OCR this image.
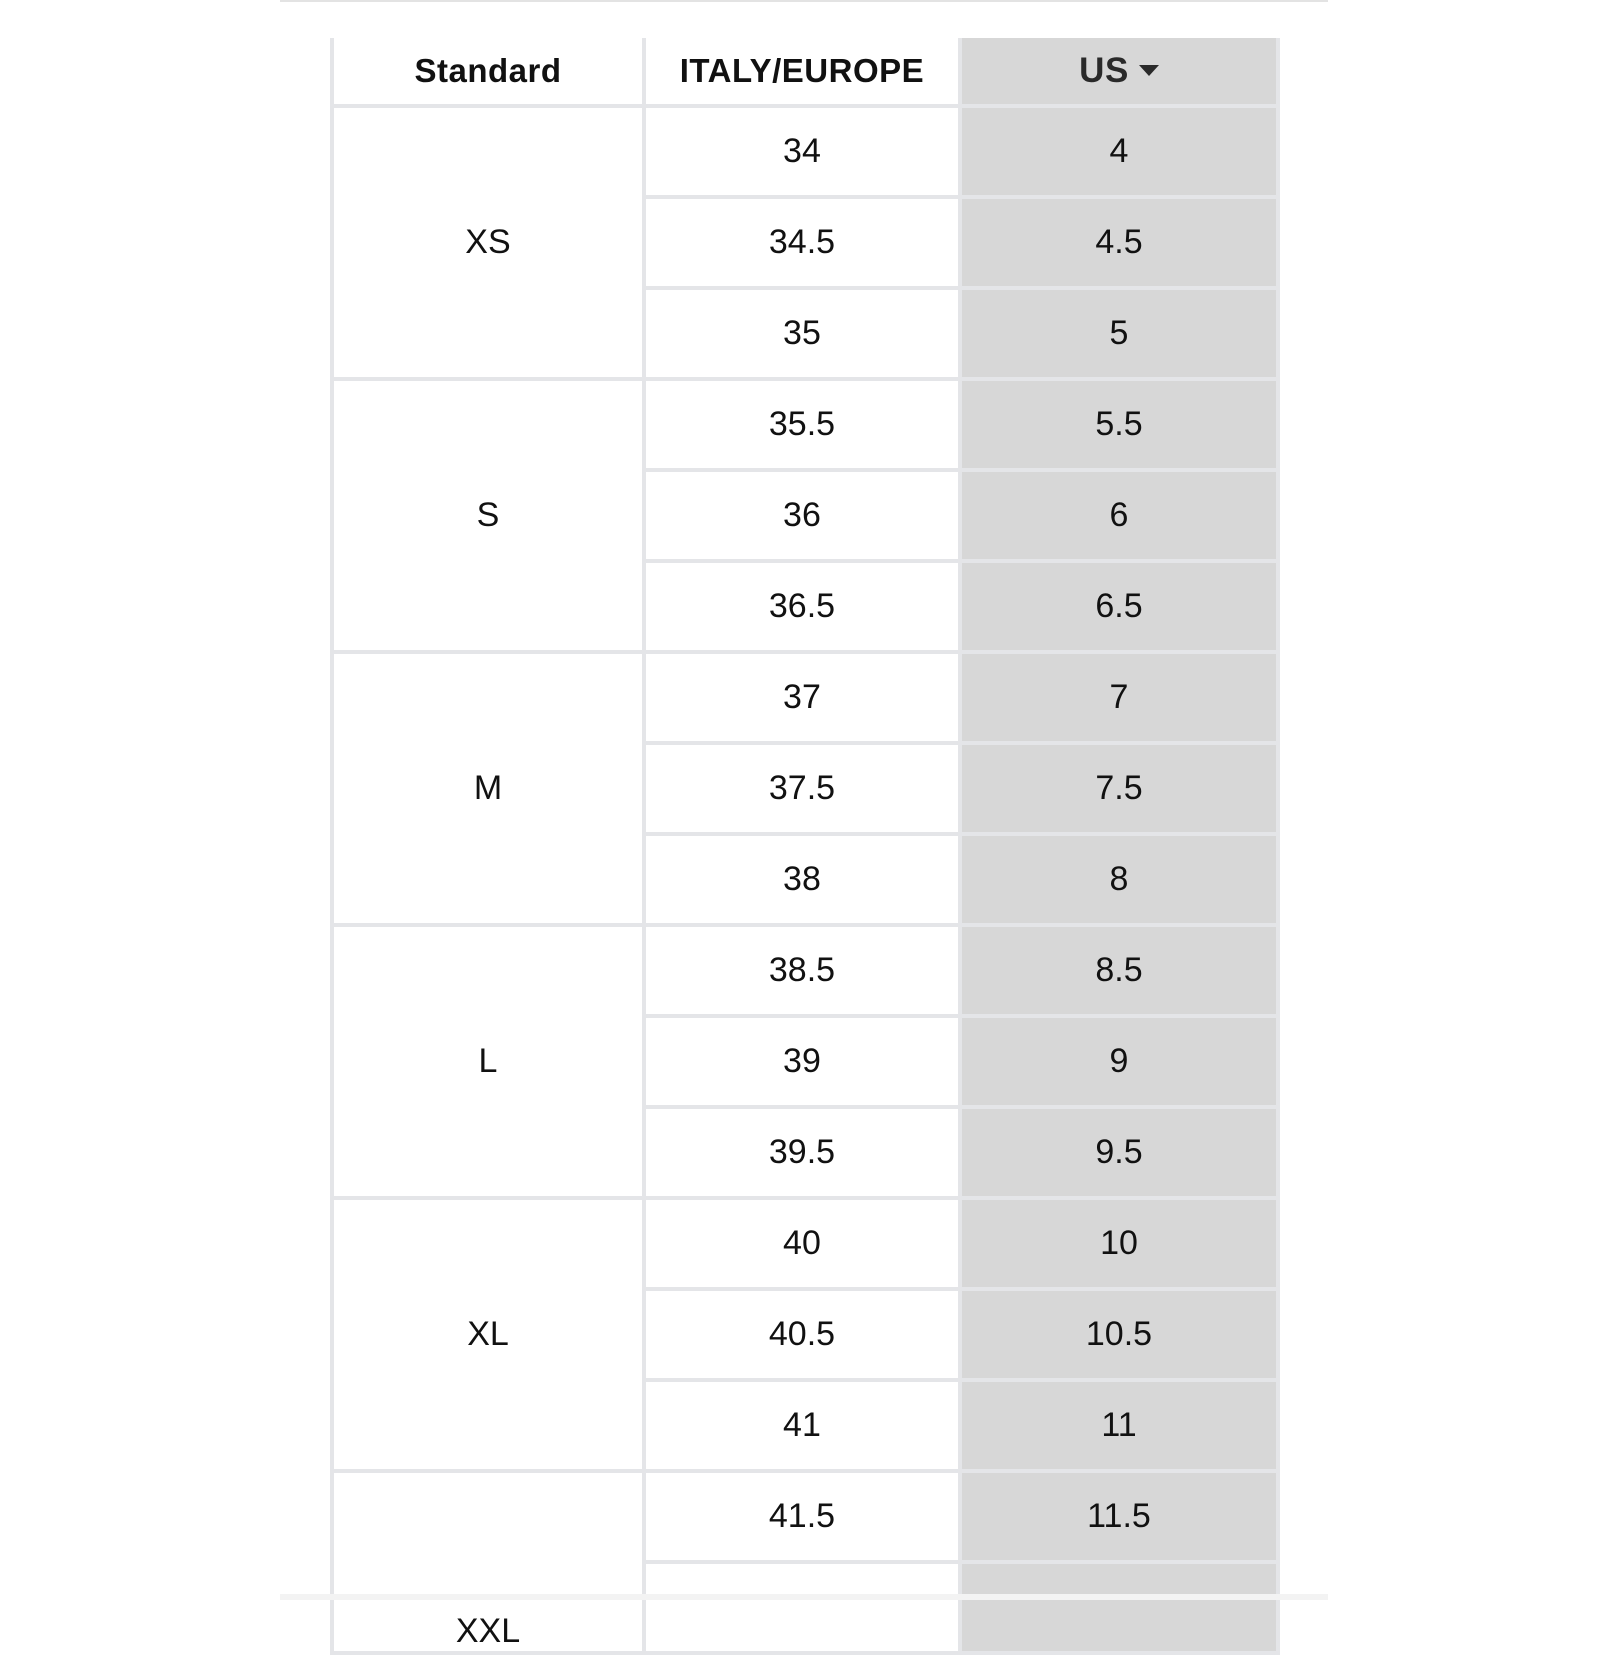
Standard	ITALY/EUROPE	US
XS	34	4
	34.5	4.5
	35	5
S	35.5	5.5
	36	6
	36.5	6.5
M	37	7
	37.5	7.5
	38	8
L	38.5	8.5
	39	9
	39.5	9.5
XL	40	10
	40.5	10.5
	41	11
XXL	41.5	11.5
